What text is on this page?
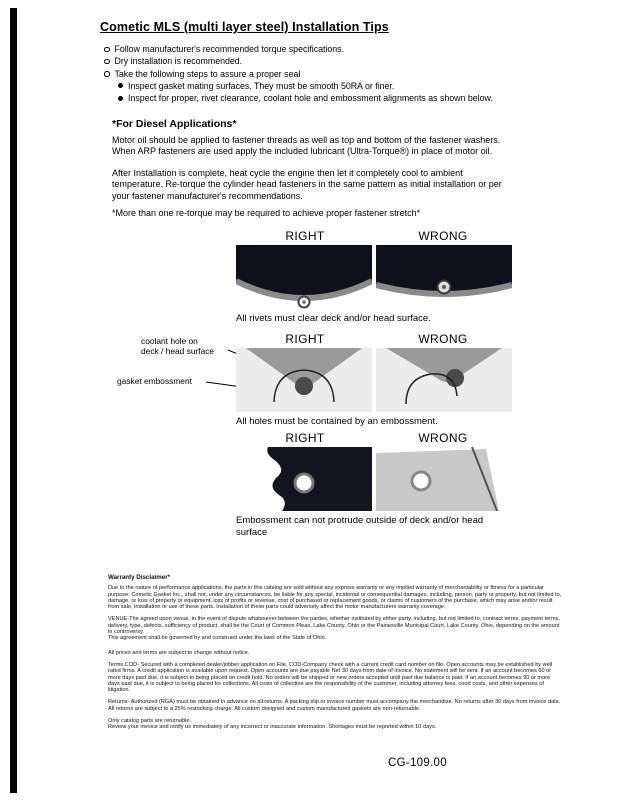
Cometic MLS (multi layer steel) Installation Tips
Follow manufacturer's recommended torque specifications.
Dry installation is recommended.
Take the following steps to assure a proper seal
Inspect gasket mating surfaces. They must be smooth 50RA or finer.
Inspect for proper, rivet clearance, coolant hole and embossment alignments as shown below.
*For Diesel Applications*
Motor oil should be applied to fastener threads as well as top and bottom of the fastener washers. When ARP fasteners are used apply the included lubricant (Ultra-Torque®) in place of motor oil.
After Installation is complete, heat cycle the engine then let it completely cool to ambient temperature. Re-torque the cylinder head fasteners in the same pattern as initial installation or per your fastener manufacturer's recommendations.
*More than one re-torque may be required to achieve proper fastener stretch*
RIGHT	WRONG
All rivets must clear deck and/or head surface.
coolant hole on deck / head surface
gasket embossment
RIGHT	WRONG
All holes must be contained by an embossment.
RIGHT	WRONG
Embossment can not protrude outside of deck and/or head surface
Warranty Disclaimer*

Due to the nature of performance applications, the parts in this catalog are sold without any express warranty or any implied warranty of merchantability or fitness for a particular purpose. Cometic Gasket Inc., shall not, under any circumstances, be liable for any special, incidental or consequential damages, including, person, party or property, but not limited to, damage, or loss of property or equipment, loss of profits or revenue, cost of purchased or replacement goods, or claims of customers of the purchase, which may arise and/or result from sale, installation or use of these parts. Installation of these parts could adversely affect the motor manufacturers warranty coverage.

VENUE-The agreed upon venue, in the event of dispute whatsoever between the parties, whether instituted by either party, including, but not limited to, contract terms, payment terms, delivery, type, defects, sufficiency of product, shall be the Court of Common Pleas, Lake County, Ohio or the Painesville Municipal Court, Lake County, Ohio, depending on the amount in controversy.

This agreement shall be governed by and construed under the laws of the State of Ohio.

All prices and terms are subject to change without notice.

Terms COD- Secured with a completed dealer/jobber application on File, COD-Company check with a current credit card number on file. Open accounts may be established by well rated firms. A credit application is available upon request. Open accounts are due payable Net 30 days from date of invoice. No statement will be sent. If an account becomes 60 or more days past due, it is subject to being placed on credit hold. No orders will be shipped or new orders accepted until past due balance is paid. If an account becomes 90 or more days past due, it is subject to being placed for collections. All costs of collection are the responsibility of the customer, including attorney fees, court costs, and other expenses of litigation.

Returns- Authorized (RGA) must be obtained in advance on all returns. A packing slip or invoice number must accompany the merchandise. No returns after 30 days from invoice date. All returns are subject to a 25% restocking charge. All custom designed and custom manufactured gaskets are non-returnable.

Only catalog parts are returnable.

Review your invoice and notify us immediately of any incorrect or inaccurate information. Shortages must be reported within 10 days.

CG-109.00
